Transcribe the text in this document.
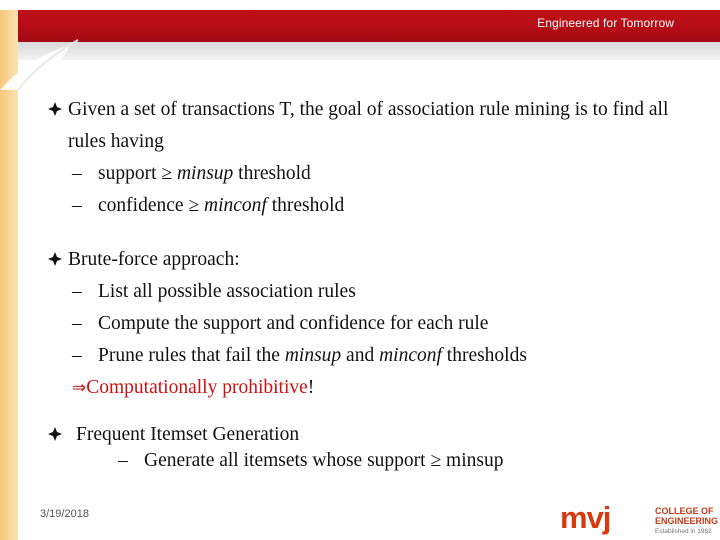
Engineered for Tomorrow
Given a set of transactions T, the goal of association rule mining is to find all rules having
– support ≥ minsup threshold
– confidence ≥ minconf threshold
Brute-force approach:
– List all possible association rules
– Compute the support and confidence for each rule
– Prune rules that fail the minsup and minconf thresholds
⇒ Computationally prohibitive !
Frequent Itemset Generation
– Generate all itemsets whose support ≥ minsup
3/19/2018	mvj	COLLEGE OF
ENGINEERING
Established in 1982
